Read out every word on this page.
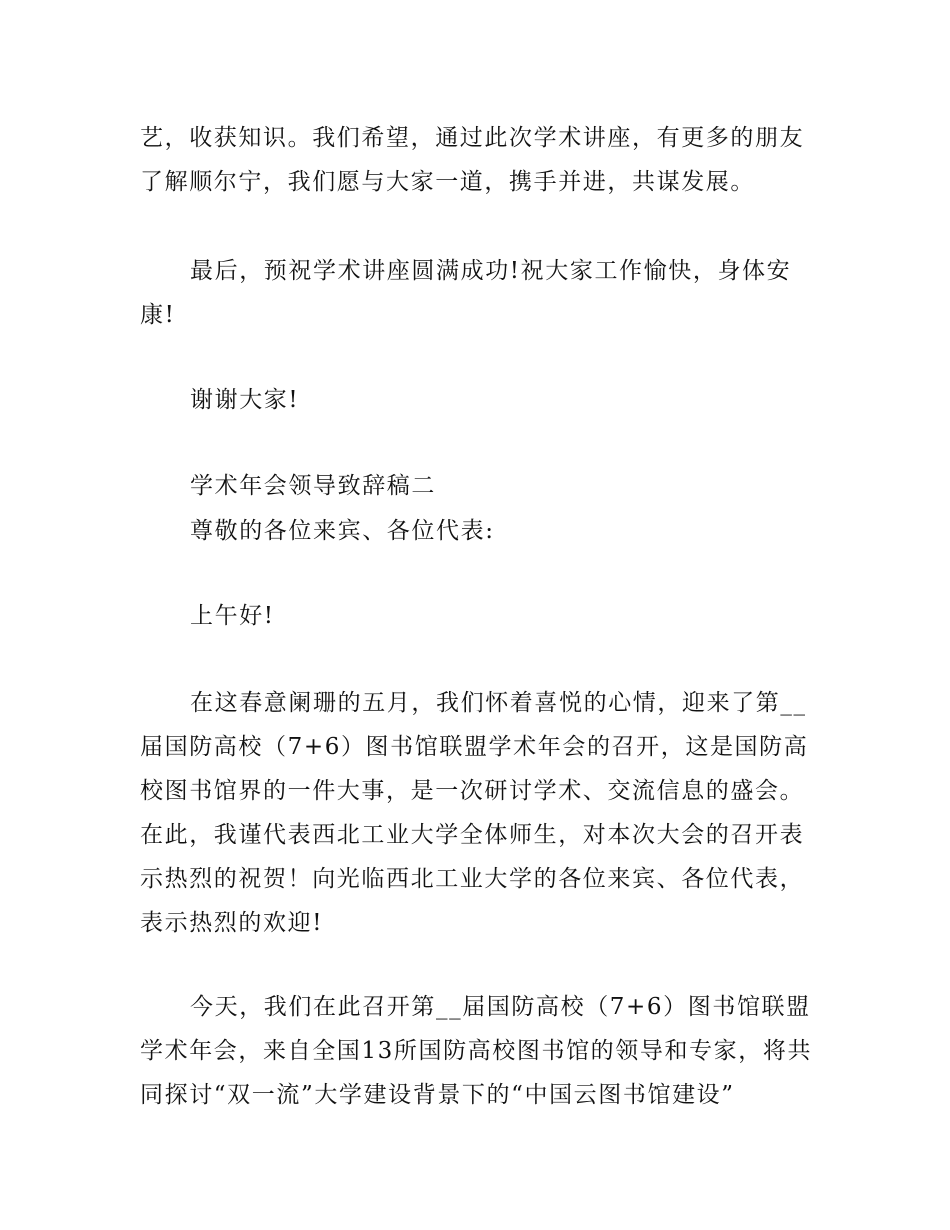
艺，收获知识。我们希望，通过此次学术讲座，有更多的朋友了解顺尔宁，我们愿与大家一道，携手并进，共谋发展。
最后，预祝学术讲座圆满成功!祝大家工作愉快，身体安康!
谢谢大家!
学术年会领导致辞稿二
尊敬的各位来宾、各位代表:
上午好!
在这春意阑珊的五月，我们怀着喜悦的心情，迎来了第__届国防高校（7+6）图书馆联盟学术年会的召开，这是国防高校图书馆界的一件大事，是一次研讨学术、交流信息的盛会。在此，我谨代表西北工业大学全体师生，对本次大会的召开表示热烈的祝贺！向光临西北工业大学的各位来宾、各位代表，表示热烈的欢迎!
今天，我们在此召开第__届国防高校（7+6）图书馆联盟学术年会，来自全国13所国防高校图书馆的领导和专家，将共同探讨“双一流”大学建设背景下的“中国云图书馆建设”
